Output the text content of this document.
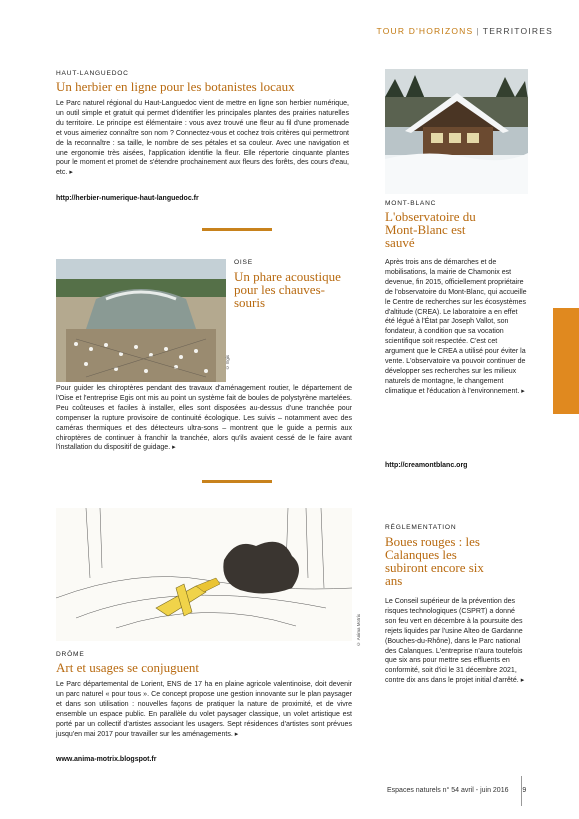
TOUR D'HORIZONS | TERRITOIRES
HAUT-LANGUEDOC
Un herbier en ligne pour les botanistes locaux

Le Parc naturel régional du Haut-Languedoc vient de mettre en ligne son herbier numérique, un outil simple et gratuit qui permet d'identifier les principales plantes des prairies naturelles du territoire. Le principe est élémentaire : vous avez trouvé une fleur au fil d'une promenade et vous aimeriez connaître son nom ? Connectez-vous et cochez trois critères qui permettront de la reconnaître : sa taille, le nombre de ses pétales et sa couleur. Avec une navigation et une ergonomie très aisées, l'application identifie la fleur. Elle répertorie cinquante plantes pour le moment et promet de s'étendre prochainement aux fleurs des forêts, des cours d'eau, etc. ▸

http://herbier-numerique-haut-languedoc.fr
MONT-BLANC
L'observatoire du Mont-Blanc est sauvé

Après trois ans de démarches et de mobilisations, la mairie de Chamonix est devenue, fin 2015, officiellement propriétaire de l'observatoire du Mont-Blanc, qui accueille le Centre de recherches sur les écosystèmes d'altitude (CREA). Le laboratoire a en effet été légué à l'État par Joseph Vallot, son fondateur, à condition que sa vocation scientifique soit respectée. C'est cet argument que le CREA a utilisé pour éviter la vente. L'observatoire va pouvoir continuer de développer ses recherches sur les milieux naturels de montagne, le changement climatique et l'éducation à l'environnement. ▸

http://creamontblanc.org
© Egis
OISE
Un phare acoustique pour les chauves-souris

Pour guider les chiroptères pendant des travaux d'aménagement routier, le département de l'Oise et l'entreprise Egis ont mis au point un système fait de boules de polystyrène martelées. Peu coûteuses et faciles à installer, elles sont disposées au-dessus d'une tranchée pour compenser la rupture provisoire de continuité écologique. Les suivis – notamment avec des caméras thermiques et des détecteurs ultra-sons – montrent que le guide a permis aux chiroptères de continuer à franchir la tranchée, alors qu'ils avaient cessé de le faire avant l'installation du dispositif de guidage. ▸

© Anima Motrix
DRÔME
Art et usages se conjuguent

Le Parc départemental de Lorient, ENS de 17 ha en plaine agricole valentinoise, doit devenir un parc naturel « pour tous ». Ce concept propose une gestion innovante sur le plan paysager et dans son utilisation : nouvelles façons de pratiquer la nature de proximité, et de vivre ensemble un espace public. En parallèle du volet paysager classique, un volet artistique est porté par un collectif d'artistes associant les usagers. Sept résidences d'artistes sont prévues jusqu'en mai 2017 pour travailler sur les aménagements. ▸

www.anima-motrix.blogspot.fr
RÉGLEMENTATION
Boues rouges : les Calanques les subiront encore six ans

Le Conseil supérieur de la prévention des risques technologiques (CSPRT) a donné son feu vert en décembre à la poursuite des rejets liquides par l'usine Alteo de Gardanne (Bouches-du-Rhône), dans le Parc national des Calanques. L'entreprise n'aura toutefois que six ans pour mettre ses effluents en conformité, soit d'ici le 31 décembre 2021, contre dix ans dans le projet initial d'arrêté. ▸

Espaces naturels n° 54 avril - juin 2016 9
